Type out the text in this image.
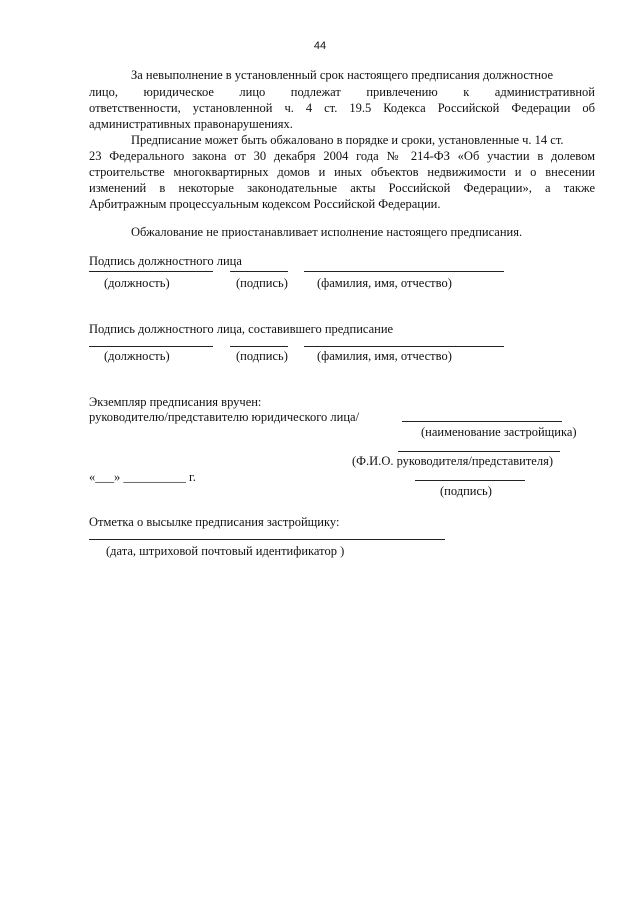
44
За невыполнение в установленный срок настоящего предписания должностное
лицо, юридическое лицо подлежат привлечению к административной
ответственности, установленной ч. 4 ст. 19.5 Кодекса Российской Федерации об
административных правонарушениях.
Предписание может быть обжаловано в порядке и сроки, установленные ч. 14 ст.
23 Федерального закона от 30 декабря 2004 года № 214-ФЗ «Об участии в долевом
строительстве многоквартирных домов и иных объектов недвижимости и о внесении
изменений в некоторые законодательные акты Российской Федерации», а также
Арбитражным процессуальным кодексом Российской Федерации.
Обжалование не приостанавливает исполнение настоящего предписания.
Подпись должностного лица
(должность)	(подпись) (фамилия, имя, отчество)
Подпись должностного лица, составившего предписание
(должность)	(подпись) (фамилия, имя, отчество)
Экземпляр предписания вручен:
руководителю/представителю юридического лица/
(наименование застройщика)
(Ф.И.О. руководителя/представителя)
«___» __________ г.
(подпись)
Отметка о высылке предписания застройщику:
(дата, штриховой почтовый идентификатор )
